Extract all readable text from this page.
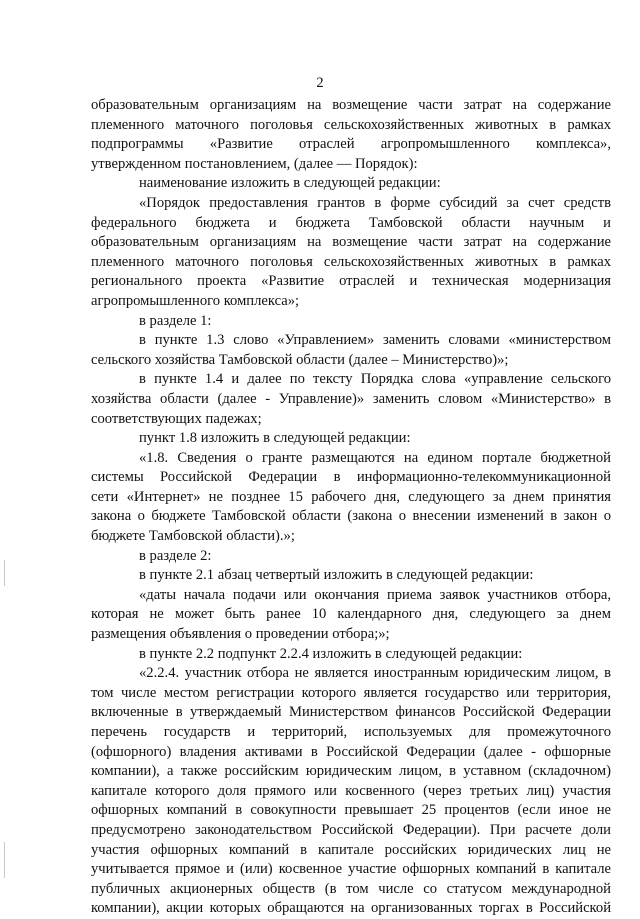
2
образовательным организациям на возмещение части затрат на содержание
племенного маточного поголовья сельскохозяйственных животных в рамках
подпрограммы «Развитие отраслей агропромышленного комплекса»,
утвержденном постановлением, (далее — Порядок):
наименование изложить в следующей редакции:
«Порядок предоставления грантов в форме субсидий за счет средств
федерального бюджета и бюджета Тамбовской области научным и
образовательным организациям на возмещение части затрат на содержание
племенного маточного поголовья сельскохозяйственных животных в рамках
регионального проекта «Развитие отраслей и техническая модернизация
агропромышленного комплекса»;
в разделе 1:
в пункте 1.3 слово «Управлением» заменить словами «министерством
сельского хозяйства Тамбовской области (далее – Министерство)»;
в пункте 1.4 и далее по тексту Порядка слова «управление сельского
хозяйства области (далее - Управление)» заменить словом «Министерство» в
соответствующих падежах;
пункт 1.8 изложить в следующей редакции:
«1.8. Сведения о гранте размещаются на едином портале бюджетной
системы Российской Федерации в информационно-телекоммуникационной
сети «Интернет» не позднее 15 рабочего дня, следующего за днем принятия
закона о бюджете Тамбовской области (закона о внесении изменений в закон о
бюджете Тамбовской области).»;
в разделе 2:
в пункте 2.1 абзац четвертый изложить в следующей редакции:
«даты начала подачи или окончания приема заявок участников отбора,
которая не может быть ранее 10 календарного дня, следующего за днем
размещения объявления о проведении отбора;»;
в пункте 2.2 подпункт 2.2.4 изложить в следующей редакции:
«2.2.4. участник отбора не является иностранным юридическим лицом, в
том числе местом регистрации которого является государство или территория,
включенные в утверждаемый Министерством финансов Российской Федерации
перечень государств и территорий, используемых для промежуточного
(офшорного) владения активами в Российской Федерации (далее - офшорные
компании), а также российским юридическим лицом, в уставном (складочном)
капитале которого доля прямого или косвенного (через третьих лиц) участия
офшорных компаний в совокупности превышает 25 процентов (если иное не
предусмотрено законодательством Российской Федерации). При расчете доли
участия офшорных компаний в капитале российских юридических лиц не
учитывается прямое и (или) косвенное участие офшорных компаний в капитале
публичных акционерных обществ (в том числе со статусом международной
компании), акции которых обращаются на организованных торгах в Российской
